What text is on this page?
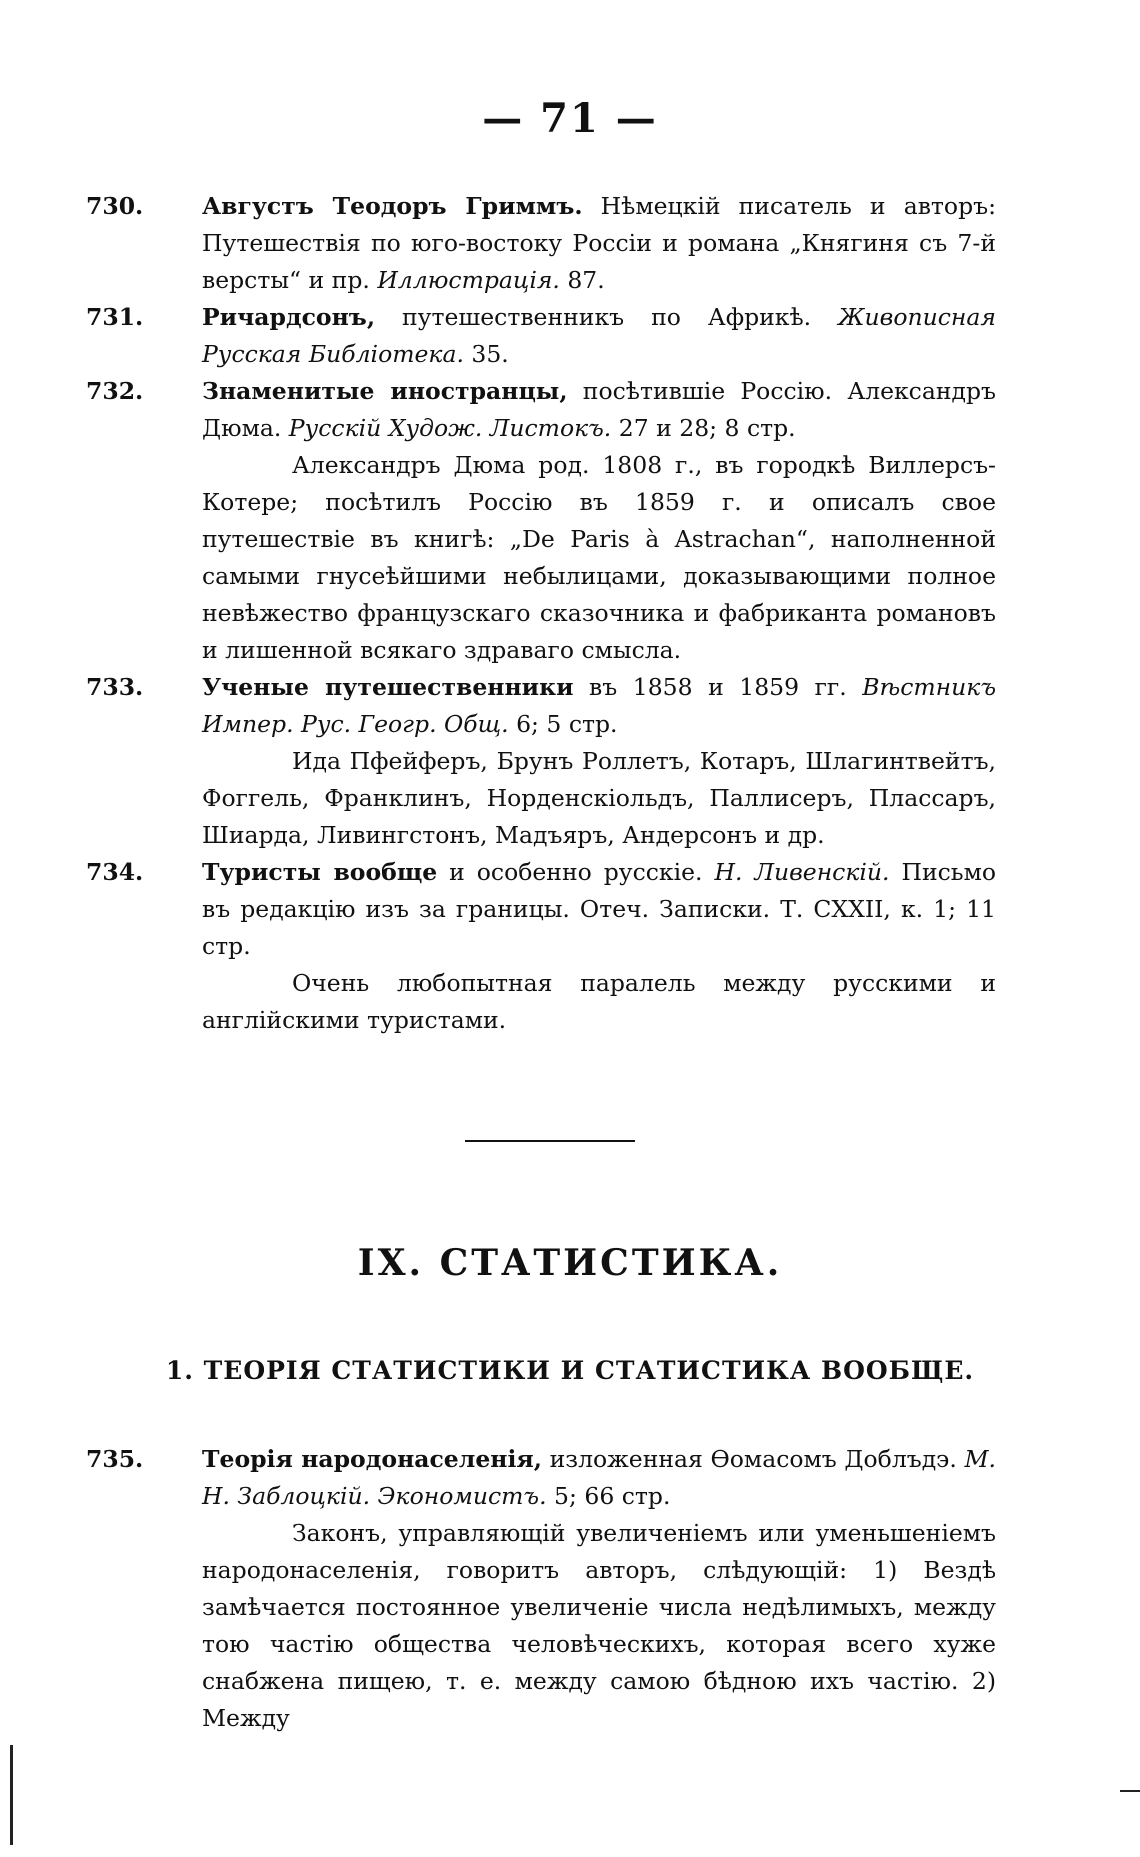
— 71 —
730.	Августъ Теодоръ Гриммъ. Нѣмецкій писатель и авторъ: Путешествія по юго-востоку Россіи и романа „Княгиня съ 7-й версты“ и пр. Иллюстрація. 87.
731.	Ричардсонъ, путешественникъ по Африкѣ. Живописная Русская Библіотека. 35.
732.	Знаменитые иностранцы, посѣтившіе Россію. Александръ Дюма. Русскій Худож. Листокъ. 27 и 28; 8 стр.
Александръ Дюма род. 1808 г., въ городкѣ Виллерсъ-Котере; посѣтилъ Россію въ 1859 г. и описалъ свое путешествіе въ книгѣ: „De Paris à Astrachan“, наполненной самыми гнусеѣйшими небылицами, доказывающими полное невѣжество французскаго сказочника и фабриканта романовъ и лишенной всякаго здраваго смысла.
733.	Ученые путешественники въ 1858 и 1859 гг. Вѣстникъ Импер. Рус. Геогр. Общ. 6; 5 стр.
Ида Пфейферъ, Брунъ Роллетъ, Котаръ, Шлагинтвейтъ, Фоггель, Франклинъ, Норденскіольдъ, Паллисеръ, Плассаръ, Шиарда, Ливингстонъ, Мадъяръ, Андерсонъ и др.
734.	Туристы вообще и особенно русскіе. Н. Ливенскій. Письмо въ редакцію изъ за границы. Отеч. Записки. Т. CXXII, к. 1; 11 стр.
Очень любопытная паралель между русскими и англійскими туристами.
IX. СТАТИСТИКА.
1. ТЕОРІЯ СТАТИСТИКИ И СТАТИСТИКА ВООБЩЕ.
735.	Теорія народонаселенія, изложенная Ѳомасомъ Доблъдэ. М. Н. Заблоцкій. Экономистъ. 5; 66 стр.
Законъ, управляющій увеличеніемъ или уменьшеніемъ народонаселенія, говоритъ авторъ, слѣдующій: 1) Вездѣ замѣчается постоянное увеличеніе числа недѣлимыхъ, между тою частію общества человѣческихъ, которая всего хуже снабжена пищею, т. е. между самою бѣдною ихъ частію. 2) Между
